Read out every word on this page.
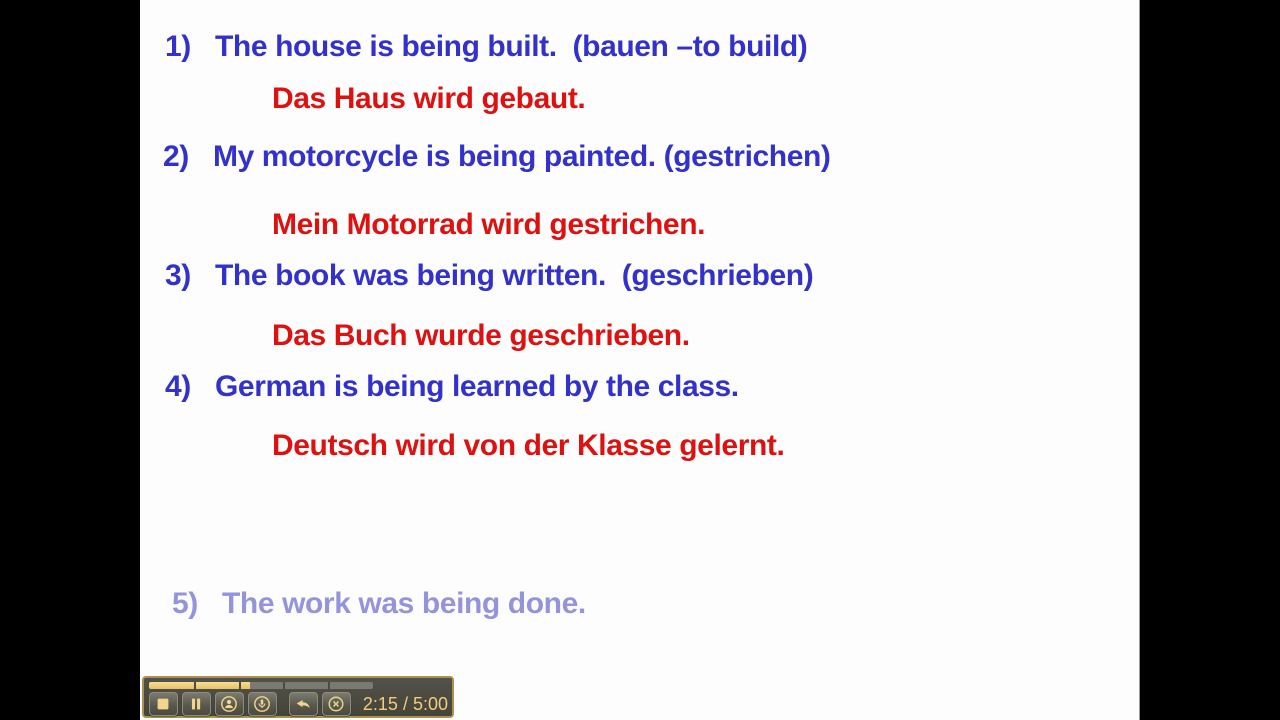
1) The house is being built.  (bauen –to build)
Das Haus wird gebaut.
2) My motorcycle is being painted. (gestrichen)
Mein Motorrad wird gestrichen.
3) The book was being written.  (geschrieben)
Das Buch wurde geschrieben.
4) German is being learned by the class.
Deutsch wird von der Klasse gelernt.
5) The work was being done.
2:15 / 5:00
